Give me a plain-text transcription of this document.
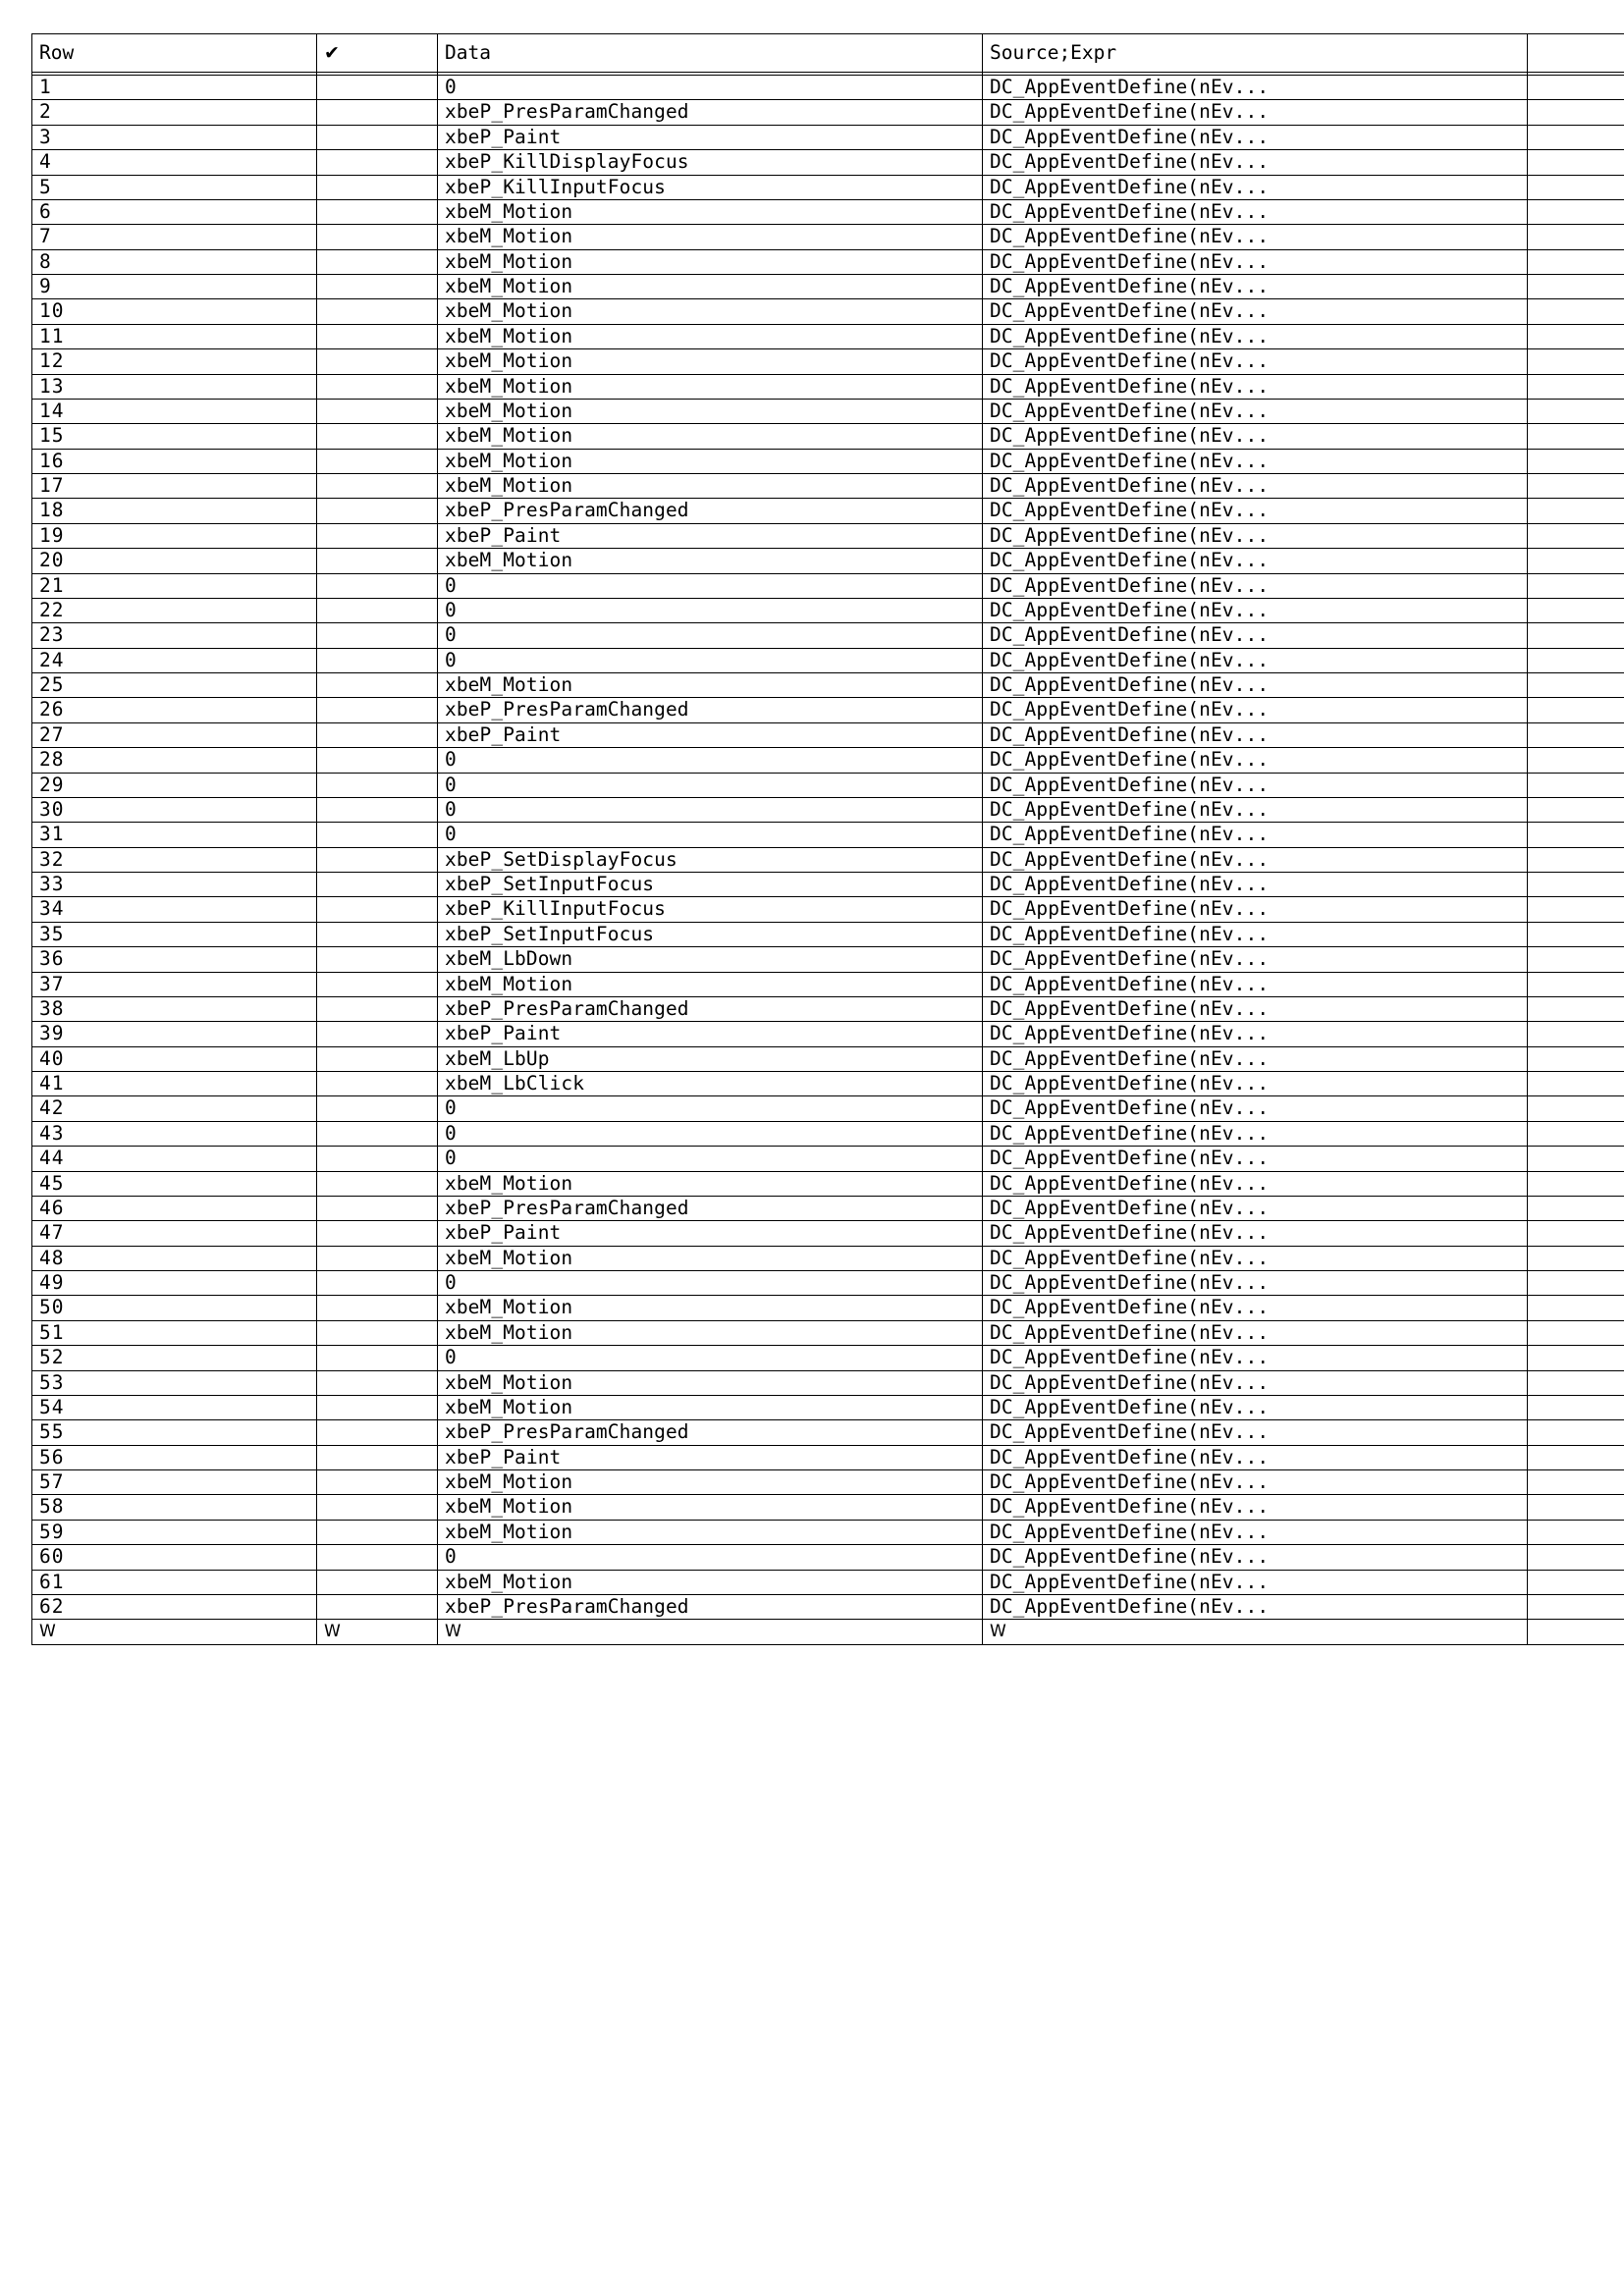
Row	✔	Data	Source;Expr	

1		0	DC_AppEventDefine(nEv...	
2		xbeP_PresParamChanged	DC_AppEventDefine(nEv...	
3		xbeP_Paint	DC_AppEventDefine(nEv...	
4		xbeP_KillDisplayFocus	DC_AppEventDefine(nEv...	
5		xbeP_KillInputFocus	DC_AppEventDefine(nEv...	
6		xbeM_Motion	DC_AppEventDefine(nEv...	
7		xbeM_Motion	DC_AppEventDefine(nEv...	
8		xbeM_Motion	DC_AppEventDefine(nEv...	
9		xbeM_Motion	DC_AppEventDefine(nEv...	
10		xbeM_Motion	DC_AppEventDefine(nEv...	
11		xbeM_Motion	DC_AppEventDefine(nEv...	
12		xbeM_Motion	DC_AppEventDefine(nEv...	
13		xbeM_Motion	DC_AppEventDefine(nEv...	
14		xbeM_Motion	DC_AppEventDefine(nEv...	
15		xbeM_Motion	DC_AppEventDefine(nEv...	
16		xbeM_Motion	DC_AppEventDefine(nEv...	
17		xbeM_Motion	DC_AppEventDefine(nEv...	
18		xbeP_PresParamChanged	DC_AppEventDefine(nEv...	
19		xbeP_Paint	DC_AppEventDefine(nEv...	
20		xbeM_Motion	DC_AppEventDefine(nEv...	
21		0	DC_AppEventDefine(nEv...	
22		0	DC_AppEventDefine(nEv...	
23		0	DC_AppEventDefine(nEv...	
24		0	DC_AppEventDefine(nEv...	
25		xbeM_Motion	DC_AppEventDefine(nEv...	
26		xbeP_PresParamChanged	DC_AppEventDefine(nEv...	
27		xbeP_Paint	DC_AppEventDefine(nEv...	
28		0	DC_AppEventDefine(nEv...	
29		0	DC_AppEventDefine(nEv...	
30		0	DC_AppEventDefine(nEv...	
31		0	DC_AppEventDefine(nEv...	
32		xbeP_SetDisplayFocus	DC_AppEventDefine(nEv...	
33		xbeP_SetInputFocus	DC_AppEventDefine(nEv...	
34		xbeP_KillInputFocus	DC_AppEventDefine(nEv...	
35		xbeP_SetInputFocus	DC_AppEventDefine(nEv...	
36		xbeM_LbDown	DC_AppEventDefine(nEv...	
37		xbeM_Motion	DC_AppEventDefine(nEv...	
38		xbeP_PresParamChanged	DC_AppEventDefine(nEv...	
39		xbeP_Paint	DC_AppEventDefine(nEv...	
40		xbeM_LbUp	DC_AppEventDefine(nEv...	
41		xbeM_LbClick	DC_AppEventDefine(nEv...	
42		0	DC_AppEventDefine(nEv...	
43		0	DC_AppEventDefine(nEv...	
44		0	DC_AppEventDefine(nEv...	
45		xbeM_Motion	DC_AppEventDefine(nEv...	
46		xbeP_PresParamChanged	DC_AppEventDefine(nEv...	
47		xbeP_Paint	DC_AppEventDefine(nEv...	
48		xbeM_Motion	DC_AppEventDefine(nEv...	
49		0	DC_AppEventDefine(nEv...	
50		xbeM_Motion	DC_AppEventDefine(nEv...	
51		xbeM_Motion	DC_AppEventDefine(nEv...	
52		0	DC_AppEventDefine(nEv...	
53		xbeM_Motion	DC_AppEventDefine(nEv...	
54		xbeM_Motion	DC_AppEventDefine(nEv...	
55		xbeP_PresParamChanged	DC_AppEventDefine(nEv...	
56		xbeP_Paint	DC_AppEventDefine(nEv...	
57		xbeM_Motion	DC_AppEventDefine(nEv...	
58		xbeM_Motion	DC_AppEventDefine(nEv...	
59		xbeM_Motion	DC_AppEventDefine(nEv...	
60		0	DC_AppEventDefine(nEv...	
61		xbeM_Motion	DC_AppEventDefine(nEv...	
62		xbeP_PresParamChanged	DC_AppEventDefine(nEv...	
W	W	W	W	
